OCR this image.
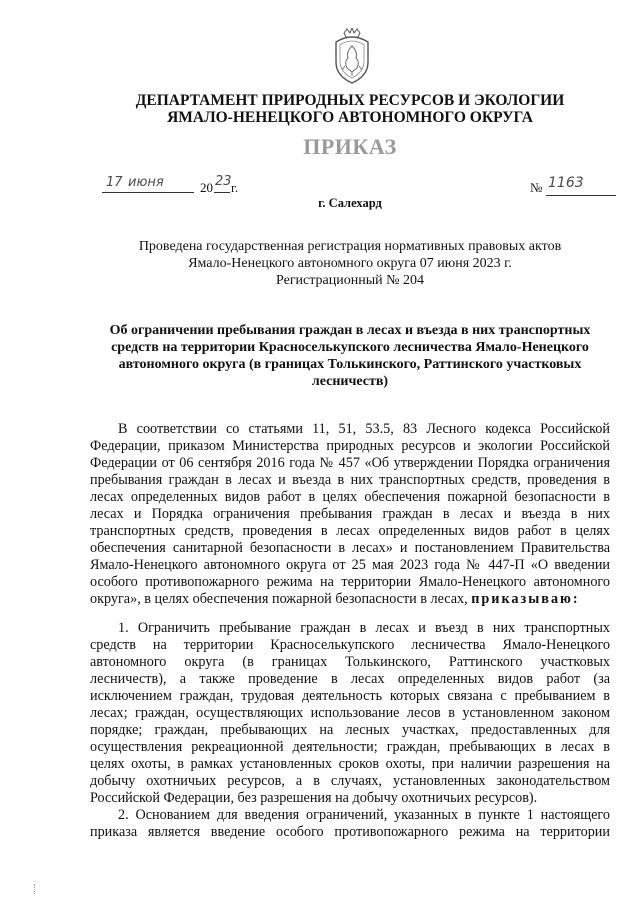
ДЕПАРТАМЕНТ ПРИРОДНЫХ РЕСУРСОВ И ЭКОЛОГИИ
ЯМАЛО-НЕНЕЦКОГО АВТОНОМНОГО ОКРУГА
ПРИКАЗ
17 июня	20 23 г.	№ 1163
г. Салехард
Проведена государственная регистрация нормативных правовых актов
Ямало-Ненецкого автономного округа 07 июня 2023 г.
Регистрационный № 204
Об ограничении пребывания граждан в лесах и въезда в них транспортных
средств на территории Красноселькупского лесничества Ямало-Ненецкого
автономного округа (в границах Толькинского, Раттинского участковых
лесничеств)
В соответствии со статьями 11, 51, 53.5, 83 Лесного кодекса Российской
Федерации, приказом Министерства природных ресурсов и экологии Российской
Федерации от 06 сентября 2016 года № 457 «Об утверждении Порядка ограничения
пребывания граждан в лесах и въезда в них транспортных средств, проведения в
лесах определенных видов работ в целях обеспечения пожарной безопасности в
лесах и Порядка ограничения пребывания граждан в лесах и въезда в них
транспортных средств, проведения в лесах определенных видов работ в целях
обеспечения санитарной безопасности в лесах» и постановлением Правительства
Ямало-Ненецкого автономного округа от 25 мая 2023 года № 447-П «О введении
особого противопожарного режима на территории Ямало-Ненецкого автономного
округа», в целях обеспечения пожарной безопасности в лесах, приказываю:
1. Ограничить пребывание граждан в лесах и въезд в них транспортных
средств на территории Красноселькупского лесничества Ямало-Ненецкого
автономного округа (в границах Толькинского, Раттинского участковых
лесничеств), а также проведение в лесах определенных видов работ (за
исключением граждан, трудовая деятельность которых связана с пребыванием в
лесах; граждан, осуществляющих использование лесов в установленном законом
порядке; граждан, пребывающих на лесных участках, предоставленных для
осуществления рекреационной деятельности; граждан, пребывающих в лесах в
целях охоты, в рамках установленных сроков охоты, при наличии разрешения на
добычу охотничьих ресурсов, а в случаях, установленных законодательством
Российской Федерации, без разрешения на добычу охотничьих ресурсов).
2. Основанием для введения ограничений, указанных в пункте 1 настоящего
приказа является введение особого противопожарного режима на территории
